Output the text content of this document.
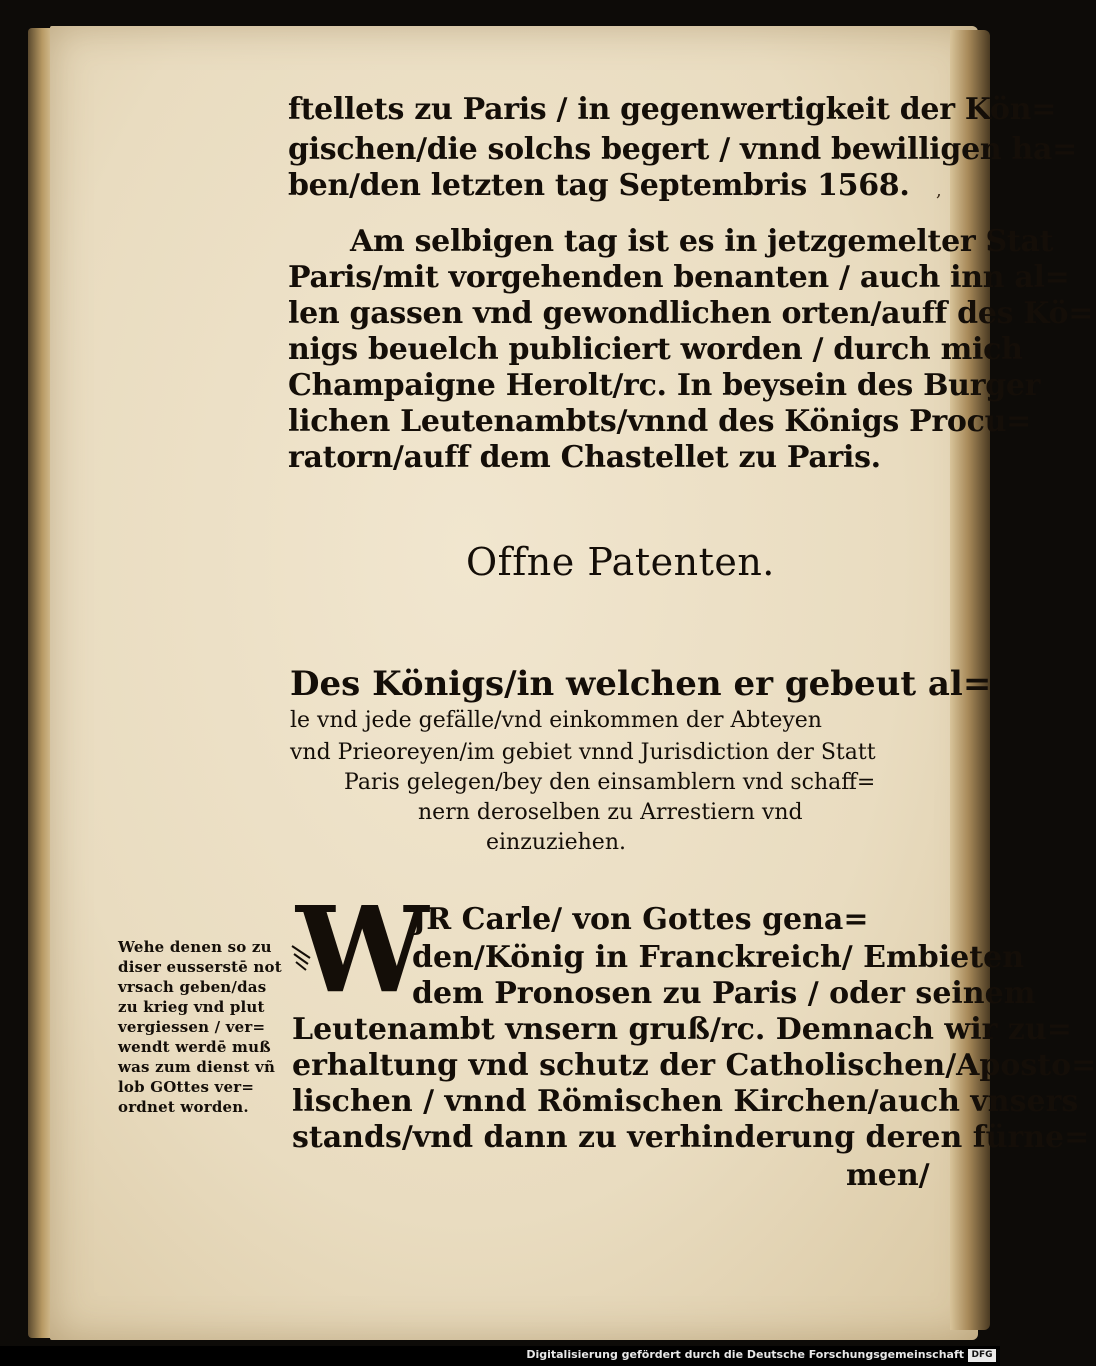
ftellets zu Paris / in gegenwertigkeit der Kön=
gischen/die solchs begert / vnnd bewilligen ha=
ben/den letzten tag Septembris 1568. ,
Am selbigen tag ist es in jetzgemelter Stat
Paris/mit vorgehenden benanten / auch inn al=
len gassen vnd gewondlichen orten/auff des Kö=
nigs beuelch publiciert worden / durch mich
Champaigne Herolt/rc. In beysein des Burger
lichen Leutenambts/vnnd des Königs Procu=
ratorn/auff dem Chastellet zu Paris.
Offne Patenten.
Des Königs/in welchen er gebeut al=
le vnd jede gefälle/vnd einkommen der Abteyen
vnd Prieoreyen/im gebiet vnnd Jurisdiction der Statt
Paris gelegen/bey den einsamblern vnd schaff=
nern deroselben zu Arrestiern vnd
einzuziehen.
Wehe denen so zu
diser eusserstē not
vrsach geben/das
zu krieg vnd plut
vergiessen / ver=
wendt werdē muß
was zum dienst vñ
lob GOttes ver=
ordnet worden.
W
JR Carle/ von Gottes gena=
den/König in Franckreich/ Embieten
dem Pronosen zu Paris / oder seinem
Leutenambt vnsern gruß/rc. Demnach wir zu=
erhaltung vnd schutz der Catholischen/Aposto=
lischen / vnnd Römischen Kirchen/auch vnsers
stands/vnd dann zu verhinderung deren fürne=
men/
Digitalisierung gefördert durch die Deutsche Forschungsgemeinschaft DFG
